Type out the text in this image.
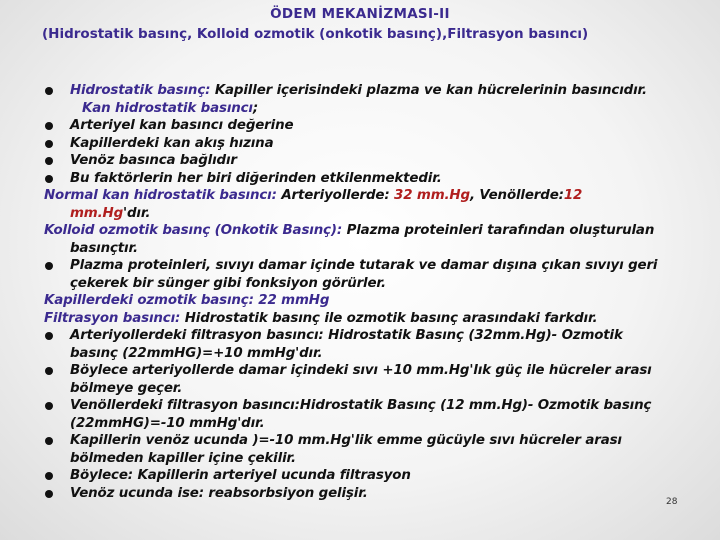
ÖDEM MEKANİZMASI-II
(Hidrostatik basınç, Kolloid ozmotik (onkotik basınç),Filtrasyon basıncı)
Hidrostatik basınç: Kapiller içerisindeki plazma ve kan hücrelerinin basıncıdır.
Kan hidrostatik basıncı;
Arteriyel kan basıncı değerine
Kapillerdeki kan akış hızına
Venöz basınca bağlıdır
Bu faktörlerin her biri diğerinden etkilenmektedir.
Normal kan hidrostatik basıncı: Arteriyollerde: 32 mm.Hg, Venöllerde:12
mm.Hg'dır.
Kolloid ozmotik basınç (Onkotik Basınç): Plazma proteinleri tarafından oluşturulan
basınçtır.
Plazma proteinleri, sıvıyı damar içinde tutarak ve damar dışına çıkan sıvıyı geri
çekerek bir sünger gibi fonksiyon görürler.
Kapillerdeki ozmotik basınç: 22 mmHg
Filtrasyon basıncı: Hidrostatik basınç ile ozmotik basınç arasındaki farkdır.
Arteriyollerdeki filtrasyon basıncı: Hidrostatik Basınç (32mm.Hg)- Ozmotik
basınç (22mmHG)=+10 mmHg'dır.
Böylece arteriyollerde damar içindeki sıvı +10 mm.Hg'lık güç ile hücreler arası
bölmeye geçer.
Venöllerdeki filtrasyon basıncı:Hidrostatik Basınç (12 mm.Hg)- Ozmotik basınç
(22mmHG)=-10 mmHg'dır.
Kapillerin venöz ucunda )=-10 mm.Hg'lik emme gücüyle sıvı hücreler arası
bölmeden kapiller içine çekilir.
Böylece: Kapillerin arteriyel ucunda filtrasyon
Venöz ucunda ise: reabsorbsiyon gelişir.
28
